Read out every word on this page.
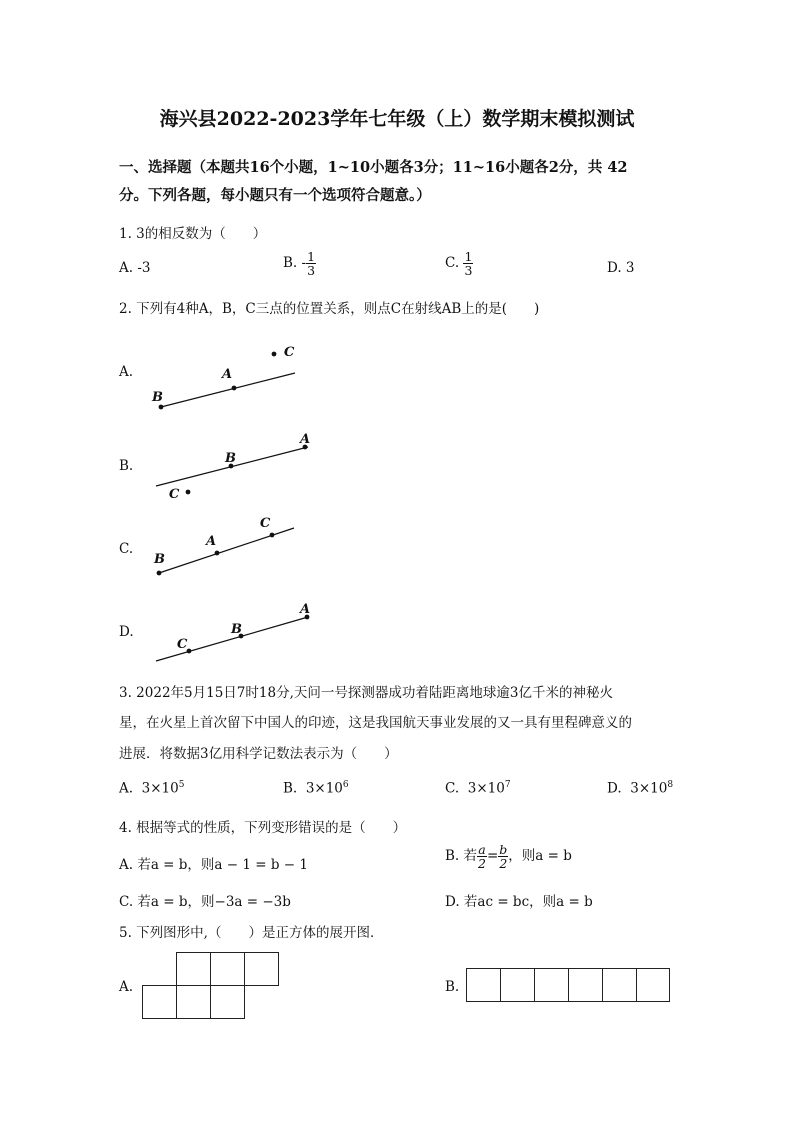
海兴县2022-2023学年七年级（上）数学期末模拟测试
一、选择题（本题共16个小题，1~10小题各3分；11~16小题各2分，共 42
分。下列各题，每小题只有一个选项符合题意。）
1. 3的相反数为（　　）
A. -3	B. - $\frac{1}{3}$	C. $\frac{1}{3}$	D. 3
2. 下列有4种A，B，C三点的位置关系，则点C在射线AB上的是(　　)
A.
B
A
C
B.	B
A
C
C.
B
A
C
D.
C
B
A
3. 2022年5月15日7时18分,天问一号探测器成功着陆距离地球逾3亿千米的神秘火
星，在火星上首次留下中国人的印迹，这是我国航天事业发展的又一具有里程碑意义的
进展．将数据3亿用科学记数法表示为（　　）
A. $3\times 10^5$	B. $3\times 10^6$	C. $3\times 10^7$	D. $3\times 10^8$
4. 根据等式的性质，下列变形错误的是（　　）
A. 若a = b，则a − 1 = b − 1
B. 若 $\frac{a}{2} = \frac{b}{2}$ ，则a = b
C. 若a = b，则−3a = −3b	D. 若ac = bc，则a = b
5. 下列图形中,（　　）是正方体的展开图．
A.	B.
